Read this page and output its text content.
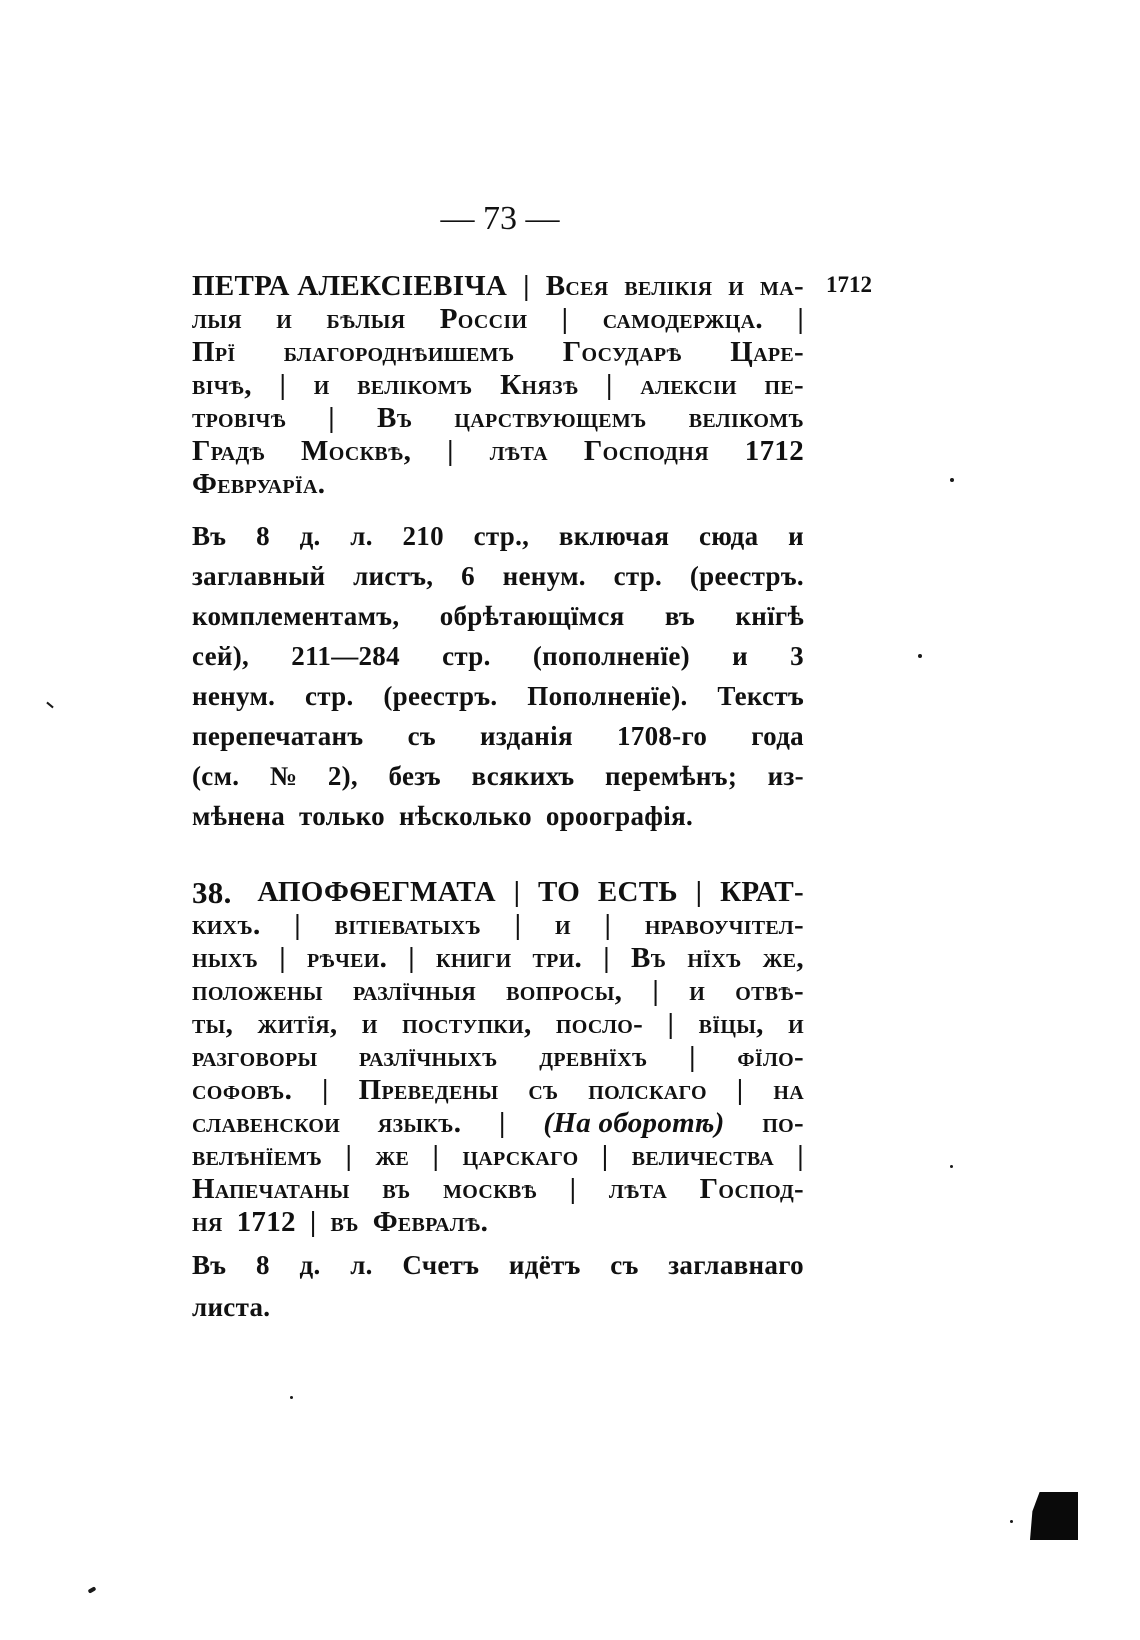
— 73 —
1712
ПЕТРА АЛЕКСІЕВІЧА | Всея велікія и ма-
лыя и бѣлыя Россіи | самодержца. |
Прї благороднѣишемъ Государѣ Царе-
вічѣ, | и велікомъ Князѣ | алексіи пе-
тровічѣ | Въ царствующемъ велікомъ
Градѣ Москвѣ, | лѣта Господня 1712
Февруарїа.
Въ 8 д. л. 210 стр., включая сюда и
заглавный листъ, 6 ненум. стр. (реестръ.
комплементамъ, обрѣтающїмся въ кнїгѣ
сей), 211—284 стр. (пополненїе) и 3
ненум. стр. (реестръ. Пополненїе). Текстъ
перепечатанъ съ изданія 1708-го года
(см. № 2), безъ всякихъ перемѣнъ; из-
мѣнена только нѣсколько ороографія.
38. АПОФѲЕГМАТА | ТО ЕСТЬ | КРАТ-
кихъ. | вітіеватыхъ | и | нравоучітел-
ныхъ | рѣчеи. | книги три. | Въ нїхъ же,
положены разлїчныя вопросы, | и отвѣ-
ты, житїя, и поступки, посло- | вїцы, и
разговоры разлїчныхъ древнїхъ | фїло-
софовъ. | Преведены съ полскаго | на
славенскои языкъ. | (На оборотѣ) по-
велѣнїемъ | же | царскаго | величества |
Напечатаны въ москвѣ | лѣта Господ-
ня 1712 | въ Февралѣ.
Въ 8 д. л. Счетъ идётъ съ заглавнаго
листа.
